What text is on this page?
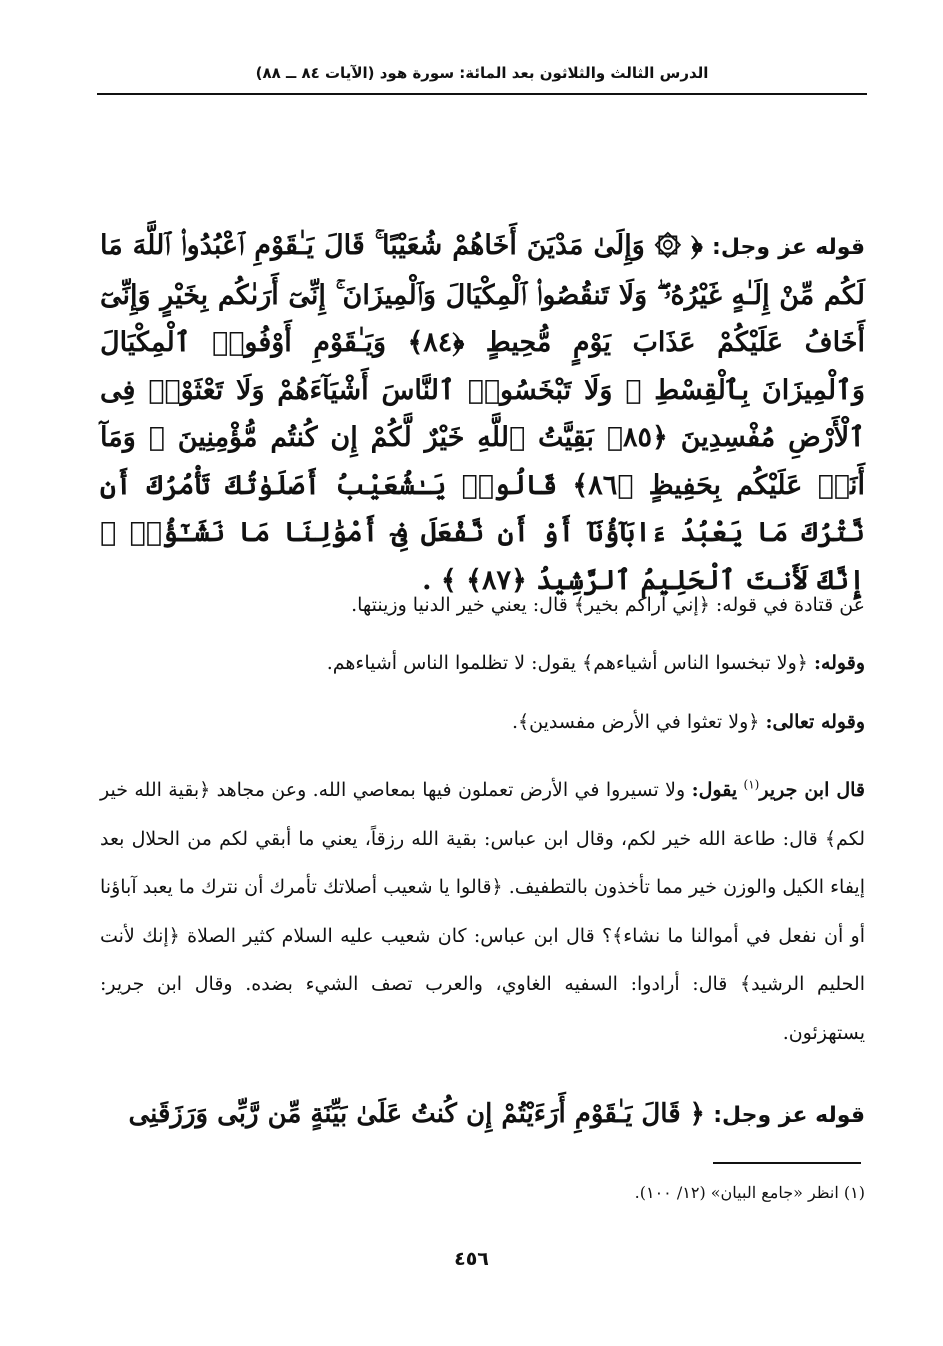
الدرس الثالث والثلاثون بعد المائة: سورة هود (الآيات ٨٤ ــ ٨٨)
قوله عز وجل: ﴿ ۞ وَإِلَىٰ مَدْيَنَ أَخَاهُمْ شُعَيْبًا ۚ قَالَ يَـٰقَوْمِ ٱعْبُدُوا۟ ٱللَّهَ مَا لَكُم مِّنْ إِلَـٰهٍ غَيْرُهُۥ ۖ وَلَا تَنقُصُوا۟ ٱلْمِكْيَالَ وَٱلْمِيزَانَ ۚ إِنِّىٓ أَرَىٰكُم بِخَيْرٍ وَإِنِّىٓ أَخَافُ عَلَيْكُمْ عَذَابَ يَوْمٍ مُّحِيطٍ ﴿٨٤﴾ وَيَـٰقَوْمِ أَوْفُوا۟ ٱلْمِكْيَالَ وَٱلْمِيزَانَ بِٱلْقِسْطِ ۖ وَلَا تَبْخَسُوا۟ ٱلنَّاسَ أَشْيَآءَهُمْ وَلَا تَعْثَوْا۟ فِى ٱلْأَرْضِ مُفْسِدِينَ ﴿٨٥﴾ بَقِيَّتُ ٱللَّهِ خَيْرٌ لَّكُمْ إِن كُنتُم مُّؤْمِنِينَ ۚ وَمَآ أَنَا۠ عَلَيْكُم بِحَفِيظٍ ﴿٨٦﴾ قَالُوا۟ يَـٰشُعَيْبُ أَصَلَوٰتُكَ تَأْمُرُكَ أَن نَّتْرُكَ مَا يَعْبُدُ ءَابَآؤُنَآ أَوْ أَن نَّفْعَلَ فِىٓ أَمْوَٰلِنَا مَا نَشَـٰٓؤُا۟ ۖ إِنَّكَ لَأَنتَ ٱلْحَلِيمُ ٱلرَّشِيدُ ﴿٨٧﴾ ﴾ .
عن قتادة في قوله: ﴿إني آراكم بخير﴾ قال: يعني خير الدنيا وزينتها.
وقوله: ﴿ولا تبخسوا الناس أشياءهم﴾ يقول: لا تظلموا الناس أشياءهم.
وقوله تعالى: ﴿ولا تعثوا في الأرض مفسدين﴾.
قال ابن جرير$^{(١)}$ يقول: ولا تسيروا في الأرض تعملون فيها بمعاصي الله. وعن مجاهد ﴿بقية الله خير لكم﴾ قال: طاعة الله خير لكم، وقال ابن عباس: بقية الله رزقاً، يعني ما أبقي لكم من الحلال بعد إيفاء الكيل والوزن خير مما تأخذون بالتطفيف. ﴿قالوا يا شعيب أصلاتك تأمرك أن نترك ما يعبد آباؤنا أو أن نفعل في أموالنا ما نشاء﴾؟ قال ابن عباس: كان شعيب عليه السلام كثير الصلاة ﴿إنك لأنت الحليم الرشيد﴾ قال: أرادوا: السفيه الغاوي، والعرب تصف الشيء بضده. وقال ابن جرير: يستهزئون.
قوله عز وجل: ﴿ قَالَ يَـٰقَوْمِ أَرَءَيْتُمْ إِن كُنتُ عَلَىٰ بَيِّنَةٍ مِّن رَّبِّى وَرَزَقَنِى
(١) انظر «جامع البيان» (١٢/ ١٠٠).
٤٥٦
